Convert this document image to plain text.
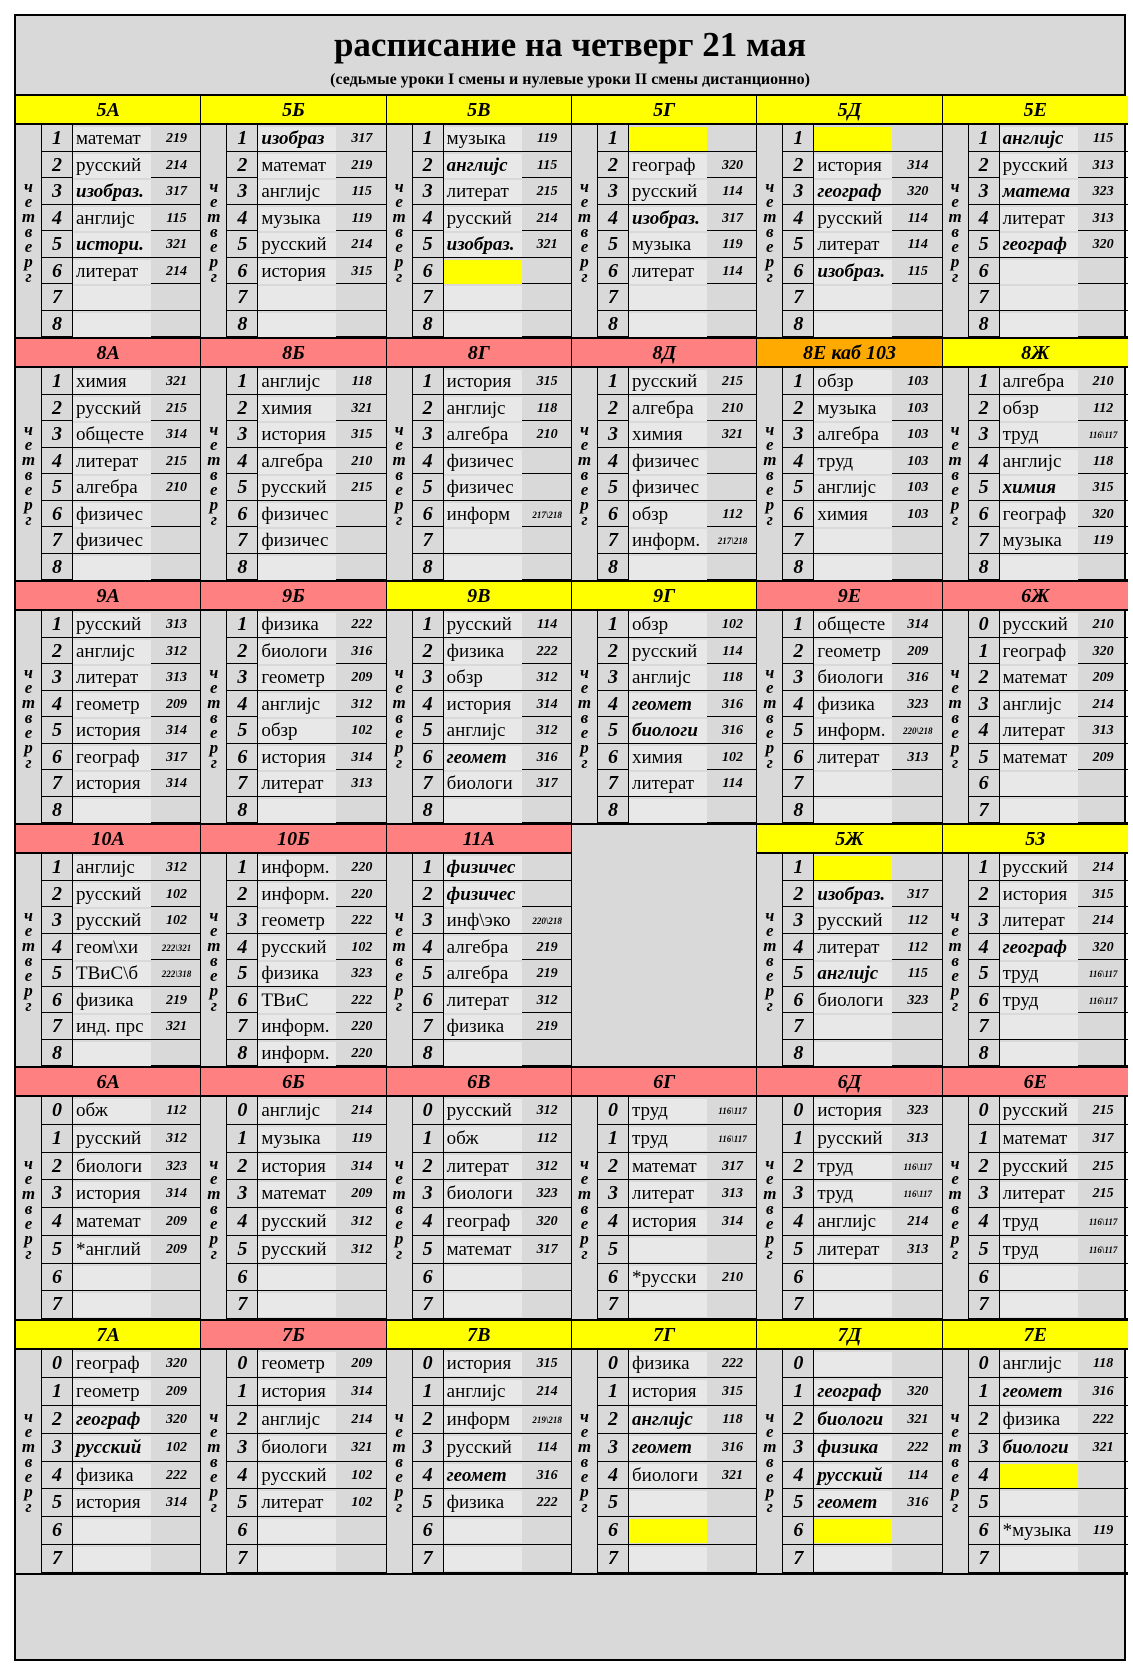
расписание на четверг 21 мая
(седьмые уроки I смены и нулевые уроки II смены дистанционно)
5А
четверг
1 математ	219
2 русский	214
3 изобраз.	317
4 англиjс	115
5 истори.	321
6 литерат	214
7
8
5Б
четверг
1 изобраз	317
2 математ	219
3 англиjс	115
4 музыка	119
5 русский	214
6 история	315
7
8
5В
четверг
1 музыка	119
2 англиjс	115
3 литерат	215
4 русский	214
5 изобраз.	321
6
7
8
5Г
четверг
1
2 географ	320
3 русский	114
4 изобраз.	317
5 музыка	119
6 литерат	114
7
8
5Д
четверг
1
2 история	314
3 географ	320
4 русский	114
5 литерат	114
6 изобраз.	115
7
8
5Е
четверг
1 англиjс	115
2 русский	313
3 матема	323
4 литерат	313
5 географ	320
6
7
8
8А
четверг
1 химия	321
2 русский	215
3 общесте	314
4 литерат	215
5 алгебра	210
6 физичес
7 физичес
8
8Б
четверг
1 англиjс	118
2 химия	321
3 история	315
4 алгебра	210
5 русский	215
6 физичес
7 физичес
8
8Г
четверг
1 история	315
2 англиjс	118
3 алгебра	210
4 физичес
5 физичес
6 информ	217\218
7
8
8Д
четверг
1 русский	215
2 алгебра	210
3 химия	321
4 физичес
5 физичес
6 обзр	112
7 информ.	217\218
8
8Е каб 103
четверг
1 обзр	103
2 музыка	103
3 алгебра	103
4 труд	103
5 англиjс	103
6 химия	103
7
8
8Ж
четверг
1 алгебра	210
2 обзр	112
3 труд	116\117
4 англиjс	118
5 химия	315
6 географ	320
7 музыка	119
8
9А
четверг
1 русский	313
2 англиjс	312
3 литерат	313
4 геометр	209
5 история	314
6 географ	317
7 история	314
8
9Б
четверг
1 физика	222
2 биологи	316
3 геометр	209
4 англиjс	312
5 обзр	102
6 история	314
7 литерат	313
8
9В
четверг
1 русский	114
2 физика	222
3 обзр	312
4 история	314
5 англиjс	312
6 геомет	316
7 биологи	317
8
9Г
четверг
1 обзр	102
2 русский	114
3 англиjс	118
4 геомет	316
5 биологи	316
6 химия	102
7 литерат	114
8
9Е
четверг
1 общесте	314
2 геометр	209
3 биологи	316
4 физика	323
5 информ.	220\218
6 литерат	313
7
8
6Ж
четверг
0 русский	210
1 географ	320
2 математ	209
3 англиjс	214
4 литерат	313
5 математ	209
6
7
10А
четверг
1 англиjс	312
2 русский	102
3 русский	102
4 геом\хи	222\321
5 ТВиС\б	222\318
6 физика	219
7 инд. прс	321
8
10Б
четверг
1 информ.	220
2 информ.	220
3 геометр	222
4 русский	102
5 физика	323
6 ТВиС	222
7 информ.	220
8 информ.	220
11А
четверг
1 физичес
2 физичес
3 инф\эко	220\218
4 алгебра	219
5 алгебра	219
6 литерат	312
7 физика	219
8
5Ж
четверг
1
2 изобраз.	317
3 русский	112
4 литерат	112
5 англиjс	115
6 биологи	323
7
8
5З
четверг
1 русский	214
2 история	315
3 литерат	214
4 географ	320
5 труд	116\117
6 труд	116\117
7
8
6А
четверг
0 обж	112
1 русский	312
2 биологи	323
3 история	314
4 математ	209
5 *англий	209
6
7
6Б
четверг
0 англиjс	214
1 музыка	119
2 история	314
3 математ	209
4 русский	312
5 русский	312
6
7
6В
четверг
0 русский	312
1 обж	112
2 литерат	312
3 биологи	323
4 географ	320
5 математ	317
6
7
6Г
четверг
0 труд	116\117
1 труд	116\117
2 математ	317
3 литерат	313
4 история	314
5
6 *русски	210
7
6Д
четверг
0 история	323
1 русский	313
2 труд	116\117
3 труд	116\117
4 англиjс	214
5 литерат	313
6
7
6Е
четверг
0 русский	215
1 математ	317
2 русский	215
3 литерат	215
4 труд	116\117
5 труд	116\117
6
7
7А
четверг
0 географ	320
1 геометр	209
2 географ	320
3 русский	102
4 физика	222
5 история	314
6
7
7Б
четверг
0 геометр	209
1 история	314
2 англиjс	214
3 биологи	321
4 русский	102
5 литерат	102
6
7
7В
четверг
0 история	315
1 англиjс	214
2 информ	219\218
3 русский	114
4 геомет	316
5 физика	222
6
7
7Г
четверг
0 физика	222
1 история	315
2 англиjс	118
3 геомет	316
4 биологи	321
5
6
7
7Д
четверг
0
1 географ	320
2 биологи	321
3 физика	222
4 русский	114
5 геомет	316
6
7
7Е
четверг
0 англиjс	118
1 геомет	316
2 физика	222
3 биологи	321
4
5
6 *музыка	119
7
